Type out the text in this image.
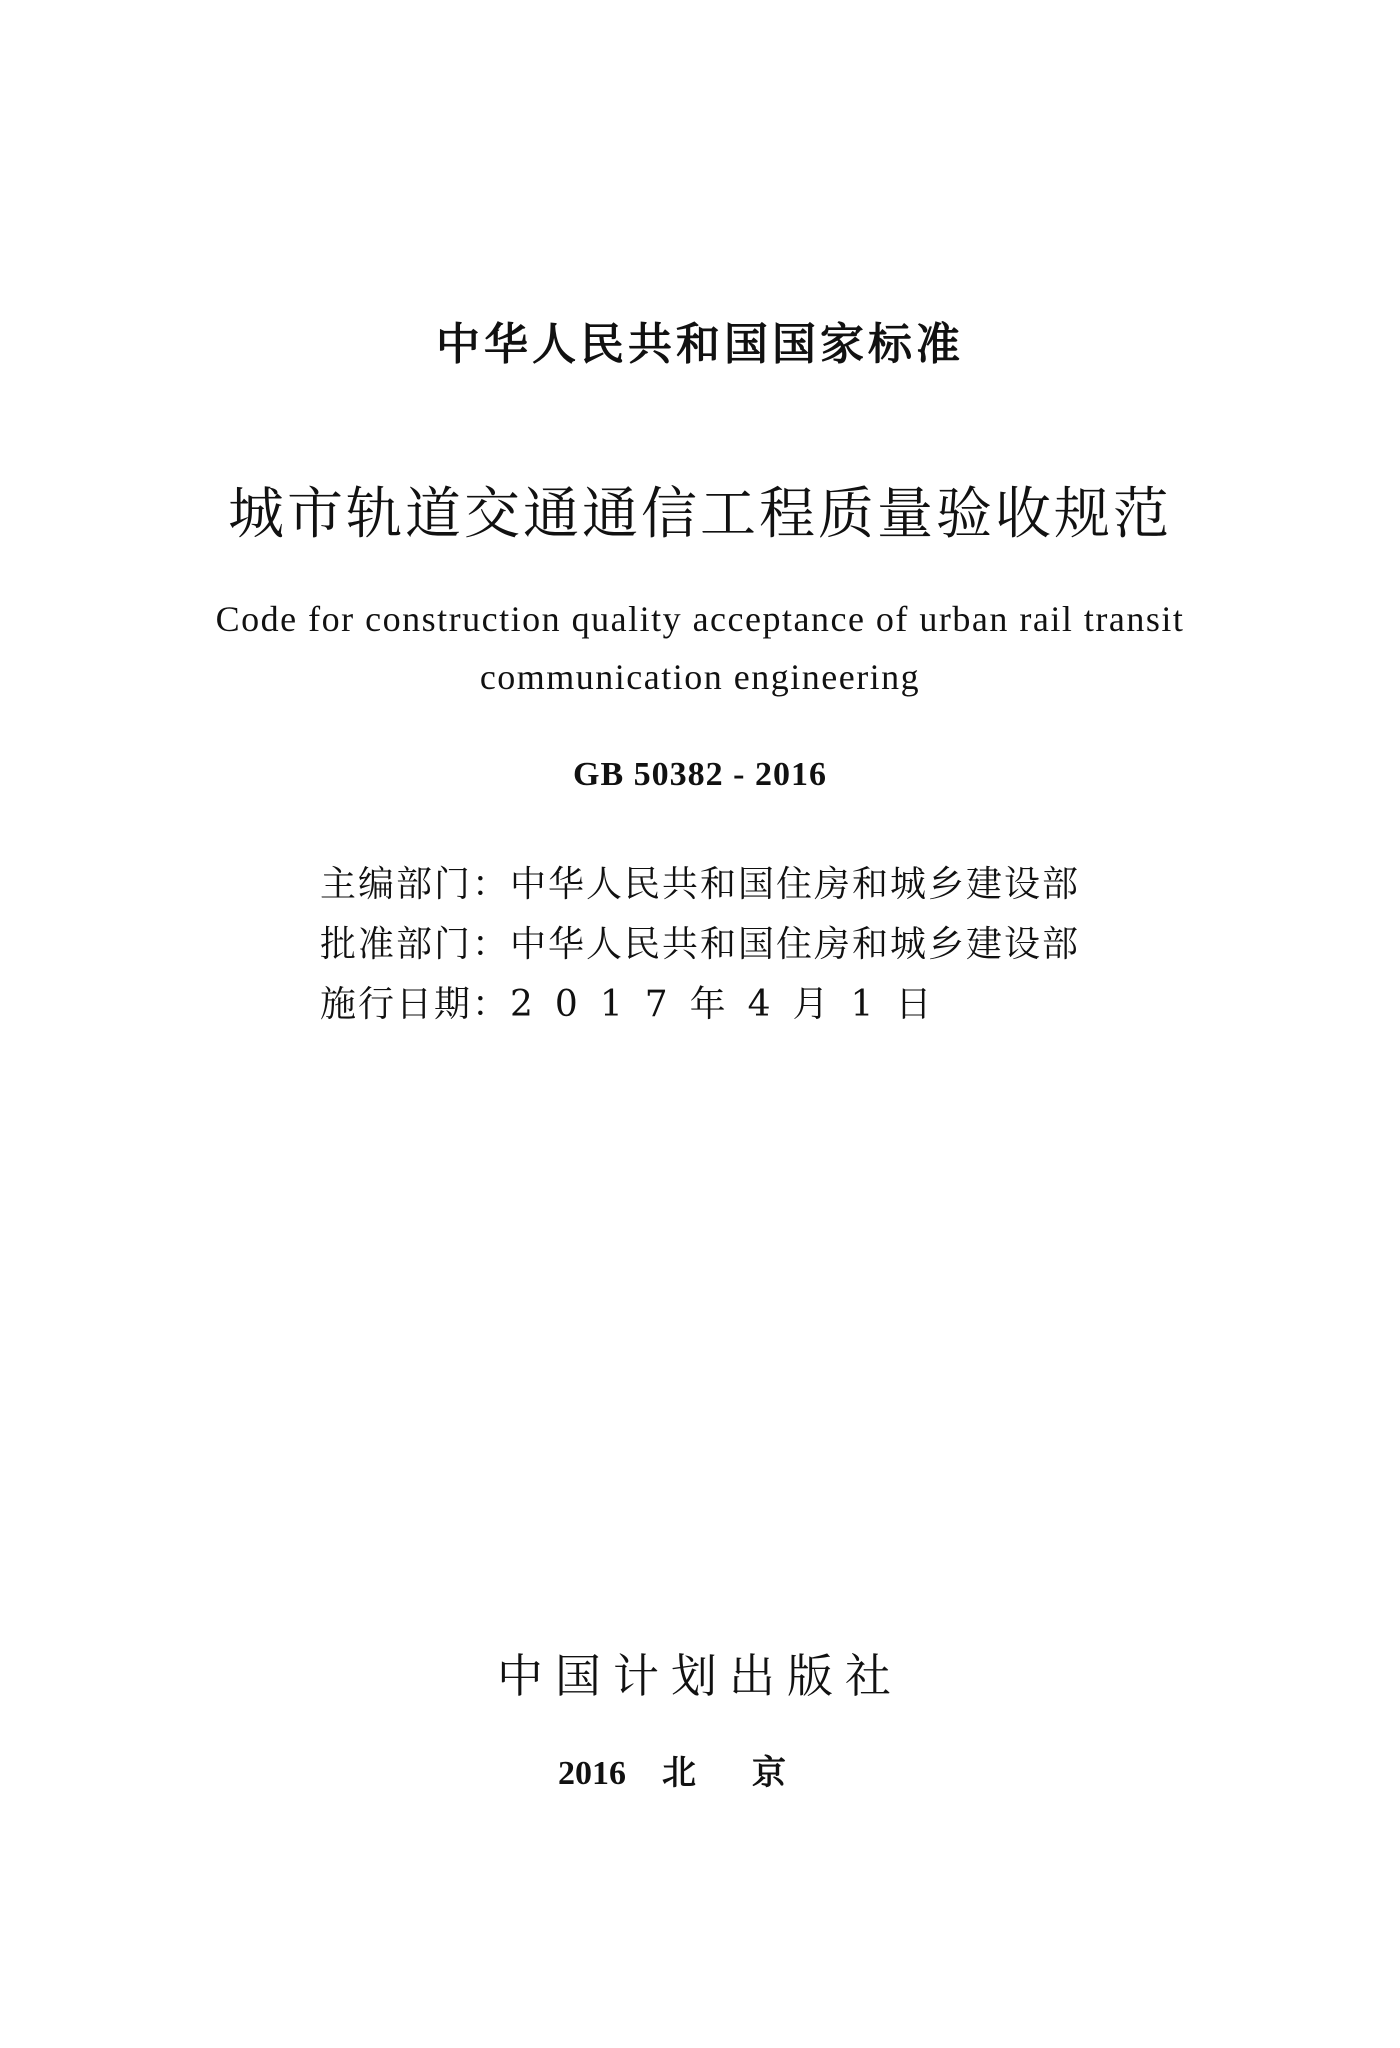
中华人民共和国国家标准
城市轨道交通通信工程质量验收规范
Code for construction quality acceptance of urban rail transit
communication engineering
GB 50382 - 2016
主编部门：中华人民共和国住房和城乡建设部
批准部门：中华人民共和国住房和城乡建设部
施行日期：2017年4月1日
中国计划出版社
2016 北京
